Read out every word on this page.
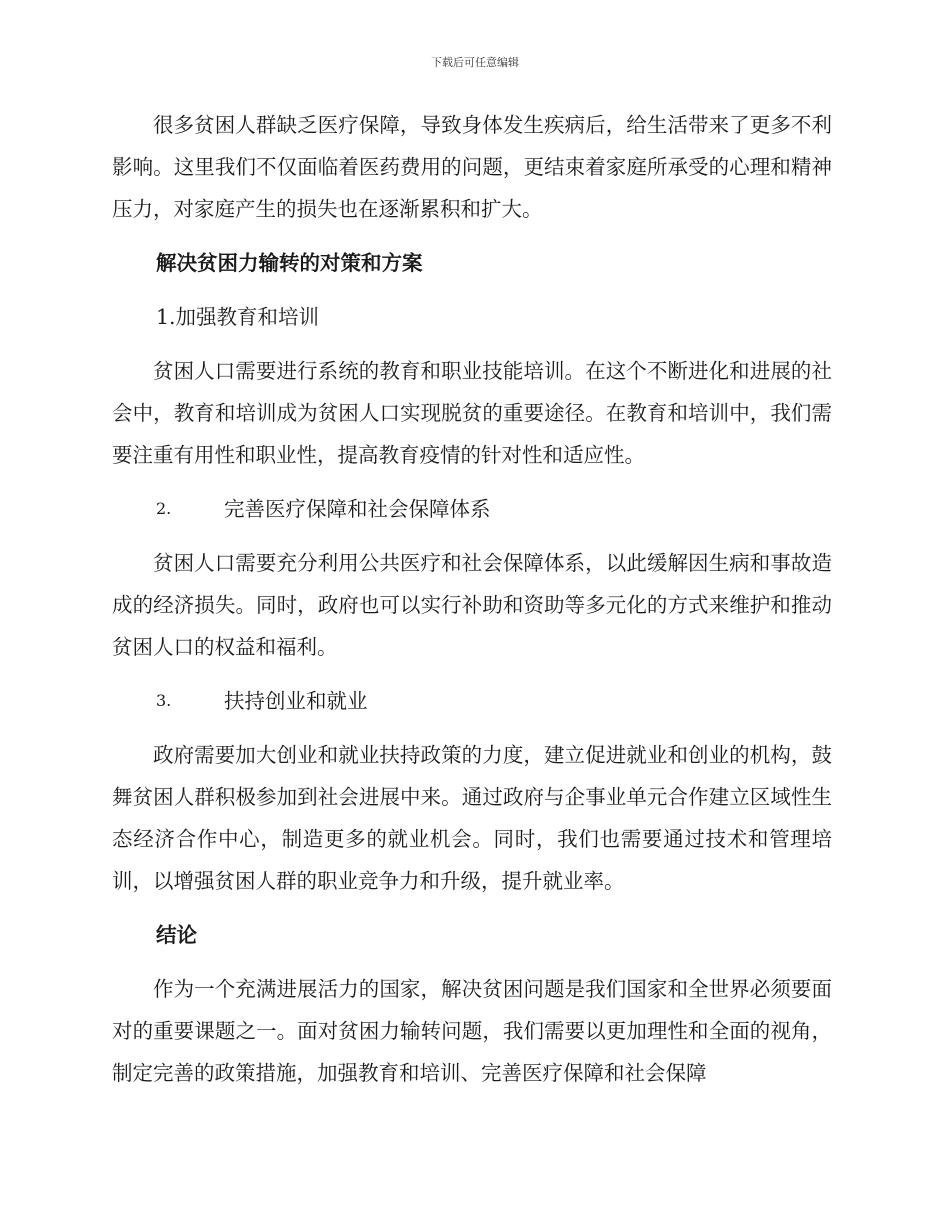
下载后可任意编辑

很多贫困人群缺乏医疗保障，导致身体发生疾病后，给生活带来了更多不利影响。这里我们不仅面临着医药费用的问题，更结束着家庭所承受的心理和精神压力，对家庭产生的损失也在逐渐累积和扩大。

解决贫困力输转的对策和方案
1.加强教育和培训

贫困人口需要进行系统的教育和职业技能培训。在这个不断进化和进展的社会中，教育和培训成为贫困人口实现脱贫的重要途径。在教育和培训中，我们需要注重有用性和职业性，提高教育疫情的针对性和适应性。

2.	完善医疗保障和社会保障体系

贫困人口需要充分利用公共医疗和社会保障体系，以此缓解因生病和事故造成的经济损失。同时，政府也可以实行补助和资助等多元化的方式来维护和推动贫困人口的权益和福利。

3.	扶持创业和就业

政府需要加大创业和就业扶持政策的力度，建立促进就业和创业的机构，鼓舞贫困人群积极参加到社会进展中来。通过政府与企事业单元合作建立区域性生态经济合作中心，制造更多的就业机会。同时，我们也需要通过技术和管理培训，以增强贫困人群的职业竞争力和升级，提升就业率。

结论

作为一个充满进展活力的国家，解决贫困问题是我们国家和全世界必须要面对的重要课题之一。面对贫困力输转问题，我们需要以更加理性和全面的视角，制定完善的政策措施，加强教育和培训、完善医疗保障和社会保障
